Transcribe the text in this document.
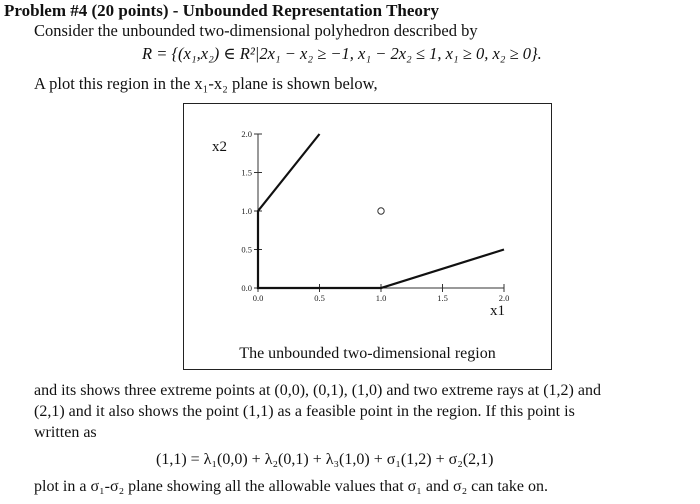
Problem #4 (20 points) - Unbounded Representation Theory
Consider the unbounded two-dimensional polyhedron described by
R = {(x₁,x₂) ∈ R²|2x₁ − x₂ ≥ −1, x₁ − 2x₂ ≤ 1, x₁ ≥ 0, x₂ ≥ 0}.
A plot this region in the x₁-x₂ plane is shown below,
0.0	0.5	1.0	1.5	2.0
0.0
0.5
1.0
1.5
2.0
x2
x1
The unbounded two-dimensional region
and its shows three extreme points at (0,0), (0,1), (1,0) and two extreme rays at (1,2) and
(2,1) and it also shows the point (1,1) as a feasible point in the region. If this point is
written as
(1,1) = λ₁(0,0) + λ₂(0,1) + λ₃(1,0) + σ₁(1,2) + σ₂(2,1)
plot in a σ₁-σ₂ plane showing all the allowable values that σ₁ and σ₂ can take on.
